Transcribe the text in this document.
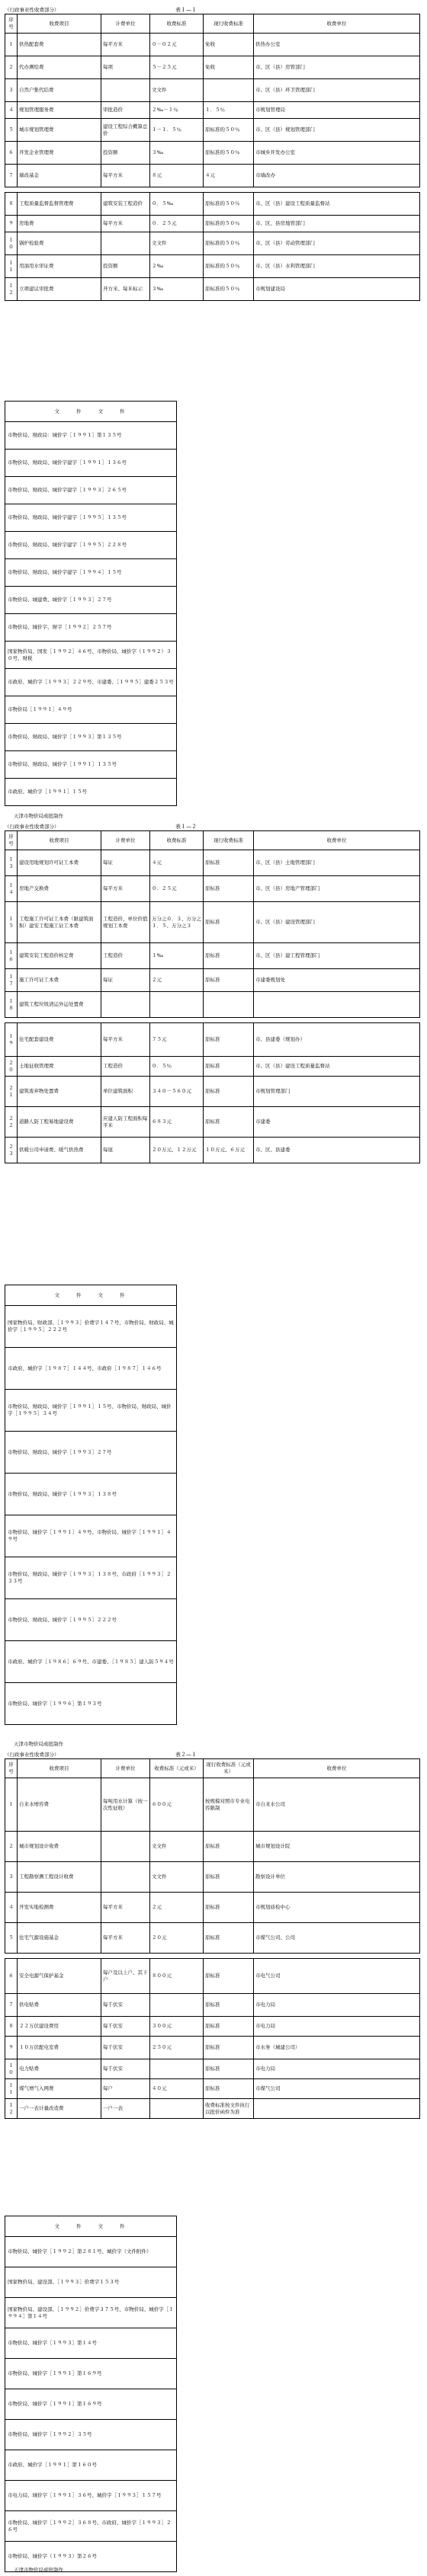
（行政事业性收费部分）	表１—１
序号	收费项目	计费单位	收费标准	现行收费标准	收费单位
１	供热配套费	每平方米	０－０２元	免收	供热办公室
２	代办测绘费	每项	５－２５元	免收	市、区（县）房管部门
３	自然户集代结费		文文件		市、区（县）环卫管理部门
４	规划管理服务费	审批造价	２‰－１％	１．５％	市规划管理局
５	城市规划管理费	建设工程综合概算总价	１－１．５％	原标准的５０％	市、区（县）规划管理部门
６	开发企业管理费	投资额	３‰	原标准的５０％	市城乡开发办公室
７	墙改基金	每平方米	８元	４元	市墙改办

８	工程质量监督监督管理费	建筑安装工程造价	０．５‰	原标准的５０％	市、区（县）建设工程质量监督站
９	房地费	每平方米	０．２５元	原标准的５０％	市、区、县房地管部门
１０	锅炉检验费		文文件	原标准的５０％	市、区（县）劳动管理部门
１１	用油用水审证费	投资额	２‰	原标准的５０％	市、区（县）水利管理部门
１２	立项建议审批费	开方米、每米标示	３‰	原标准的５０％	市规划建设局
文　　件　　文　　件
市物价局、财政局：城价字［１９９１］第１３５号
市物价局、财政局、城价字建字［１９９１］１３６号
市物价局、财政局、城价字建字［１９９３］２６５号
市物价局、财政局、城价字建字［１９９５］１３５号
市物价局、财政局、城价字建字［１９９５］２２８号
市物价局、财政局、城价字建字［１９９４］１５号
市物价局、城建费、城价字［１９９３］２７号
市物价局、城价字、财字［１９９２］２５７号
国家物价局、国发［１９９２］４６号、市物价局、城价字（１９９２）３０号、财税
市政府、城价字［１９９３］２２９号、市建委、［１９９５］建委２５３号
市物价局［１９９１］４９号
市物价局、财政局、城价字［１９９３］第１３５号
市物价局、财政局、城价字［１９９１］１３５号
市政府、城价字［１９９１］１５号
天津市物价局成批制作
（行政事业性收费部分）	表１—２
序号	收费项目	计费单位	收费标准	现行收费标准	收费单位
１３	建设用地规划许可证工本费	每证	４元	原标准	市、区（县）土地管理部门
１４	房地产交换费	每平方米	０．２５元	原标准	市、区（县）房地产管理部门
１５	工程施工许可证工本费（限建筑面积）建安工程施工证工本费	工程造价、单位价值规划工本费	万分之０．３、万分之１．５、万分之３	原标准	市、区（县）建设管理部门
１６	建筑安装工程造价核定费	工程造价	１‰	原标准	市、区（县）建工程管理部门
１７	施工许可证工本费	每证	２元	原标准	市建委规划处
１８	建筑工程垃圾清运外运处置费				

１９	住宅配套建设费	每平方米	７５元	原标准	市、县建委（规划办）
２０	土地征收管理费	工程造价	０．５％	原标准	市、区（县）建设工程质量监督站
２１	建筑废弃物处置费	单位建筑面积	３４０－５６０元	原标准	市规划管理部门
２２	道路人防工程易地建设费	应建人防工程面积每平米	６８３元	原标准	市建委
２３	供暖公司申请费、暖气供热费	每座	２０万元、１２万元	１０万元、６万元	市、区、县建委
文　　件　　文　　件
国家物价局、财政部、［１９９３］价费字１４７号、市物价局、财政局、城价字［１９９５］２２２号
市政府、城价字［１９８７］１４４号、市政府［１９８７］１４６号
市物价局、财政局、城价字［１９９１］１５号、市物价局、财政局、城价字［１９９５］３４号
市物价局、财政局、城价字［１９９３］２７号
市物价局、财政局、城价字［１９９３］１３８号
市物价局、城价字［１９９１］４９号、市物价局、城价字［１９９１］４９号
市物价局、财政局、城价字［１９９３］１３８号、市政府［１９９３］２３３号
市物价局、财政局、城价字［１９９５］２２２号
市政府、城价字［１９８６］６９号、市建委、［１９８５］建人防５９４号
市物价局、城价字［１９９６］第１９３号
天津市物价局成批制作
（行政事业性收费部分）	表２—１
序号	收费项目	计费单位	收费标准（元或米）	现行收费标准（元或米）	收费单位
１	自来水增容费	每吨用水计算（按一次性征收）	６００元	按规模对照市专业电容限制	市自来水公司
２	城市规划设计收费		文文件	原标准	城市规划设计院
３	工程勘察测工程设计收费		文文件	原标准	勘察设计单位
４	开发实地检测费	每平方米	２元	原标准	市规划质检中心
５	住宅气源设施基金	每平方米	２０元	原标准	市煤气公司、公司

６	安全电源气保护基金	每户及以上户、其下户	８００元	原标准	市电气公司
７	供电贴费	每千伏安		原标准	市电力局
８	２２万伏建设费用	每千伏安	３００元	原标准	市电力局
９	１０万伏配电室费	每千伏安	２５０元	原标准	市水务（城建公司）
１０	电力贴费	每千伏安		原标准	市电力局
１１	煤气增气入网费	每户	４０元	原标准	市煤气公司
１２	一户一表计量改造费	一户一表		收费标准按文件执行以批价函件为准	
文　　件　　文　　件
市物价局、城价字［１９９２］第２８１号、城价字（文件附件）
国家物价局、建设部、［１９９３］价费字１５３号
国家物价局、建设部、［１９９２］价费字３７５号、市物价局、城价字［１９９４］第１４号
市物价局、城价字［１９９３］第１４号
市物价局、城价字［１９９１］第１６９号
市物价局、城价字［１９９１］第１６９号
市物价局、城价字［１９９２］３５号
市政府、城价字［１９９１］第１６０号
市电力局、城价字［１９９１］３６号、城价字［１９９３］１５７号
市物价局、城价字［１９９２］３６８号、市政府、城价字［１９９３］２６号
市物价局、城价字（１９９３）第２６号
天津市物价局成批制作
